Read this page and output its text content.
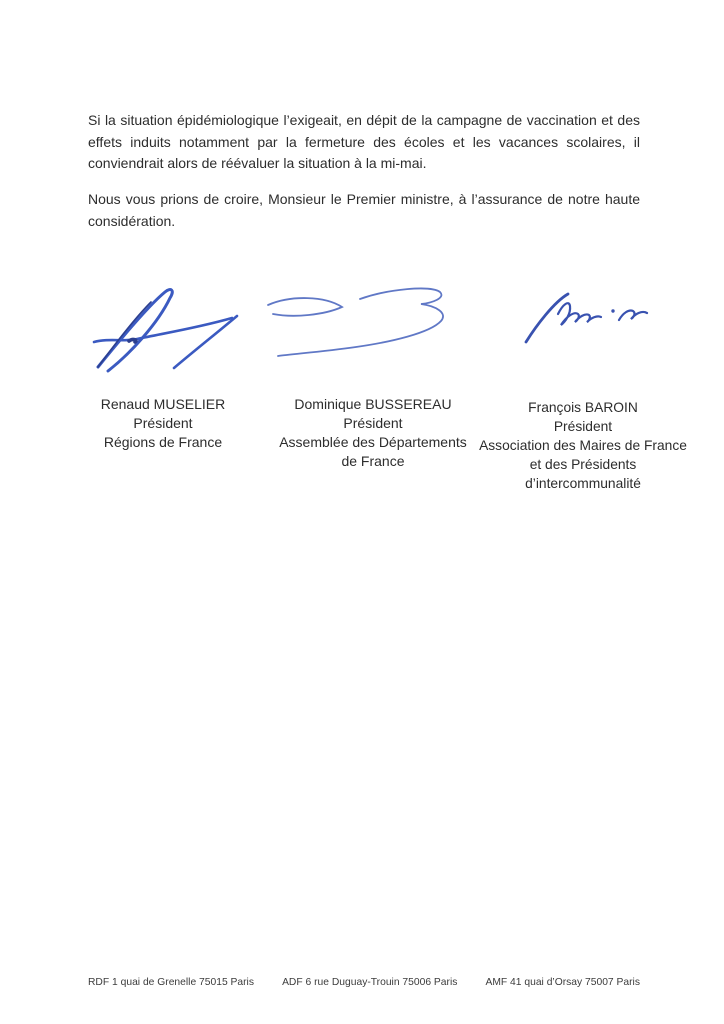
Si la situation épidémiologique l’exigeait, en dépit de la campagne de vaccination et des effets induits notamment par la fermeture des écoles et les vacances scolaires, il conviendrait alors de réévaluer la situation à la mi-mai.

Nous vous prions de croire, Monsieur le Premier ministre, à l’assurance de notre haute considération.

Renaud MUSELIER
Président
Régions de France
Dominique BUSSEREAU
Président
Assemblée des Départements
de France
François BAROIN
Président
Association des Maires de France
et des Présidents
d’intercommunalité
RDF 1 quai de Grenelle 75015 Paris	ADF 6 rue Duguay-Trouin 75006 Paris	AMF 41 quai d’Orsay 75007 Paris
